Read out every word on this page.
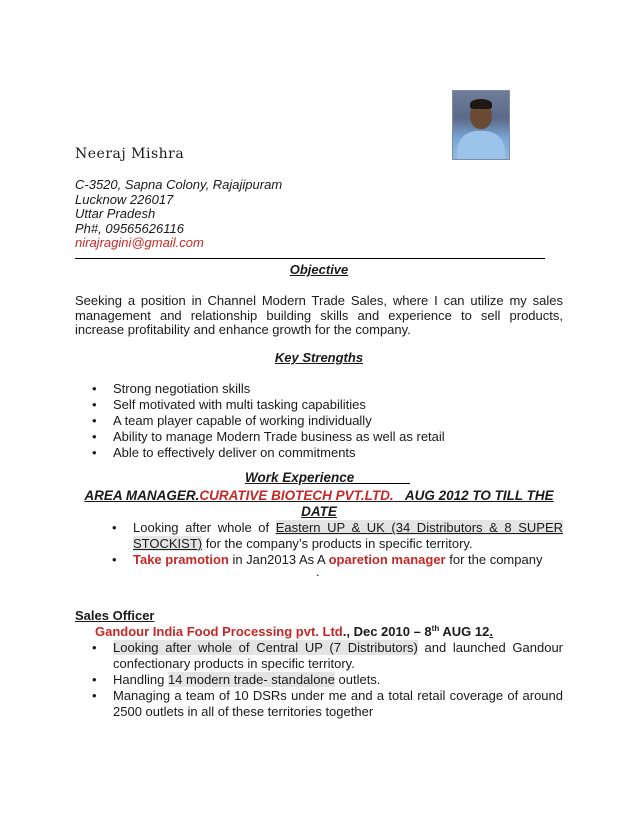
Neeraj Mishra
C-3520, Sapna Colony, Rajajipuram
Lucknow 226017
Uttar Pradesh
Ph#, 09565626116
nirajragini@gmail.com
Objective
Seeking a position in Channel Modern Trade Sales, where I can utilize my sales management and relationship building skills and experience to sell products, increase profitability and enhance growth for the company.
Key Strengths
• Strong negotiation skills
• Self motivated with multi tasking capabilities
• A team player capable of working individually
• Ability to manage Modern Trade business as well as retail
• Able to effectively deliver on commitments
Work Experience
AREA MANAGER.CURATIVE BIOTECH PVT.LTD. AUG 2012 TO TILL THE DATE
• Looking after whole of Eastern UP & UK (34 Distributors & 8 SUPER STOCKIST) for the company’s products in specific territory.
• Take pramotion in Jan2013 As A oparetion manager for the company
.
Sales Officer
Gandour India Food Processing pvt. Ltd., Dec 2010 – 8th AUG 12.
• Looking after whole of Central UP (7 Distributors) and launched Gandour confectionary products in specific territory.
• Handling 14 modern trade- standalone outlets.
• Managing a team of 10 DSRs under me and a total retail coverage of around 2500 outlets in all of these territories together
